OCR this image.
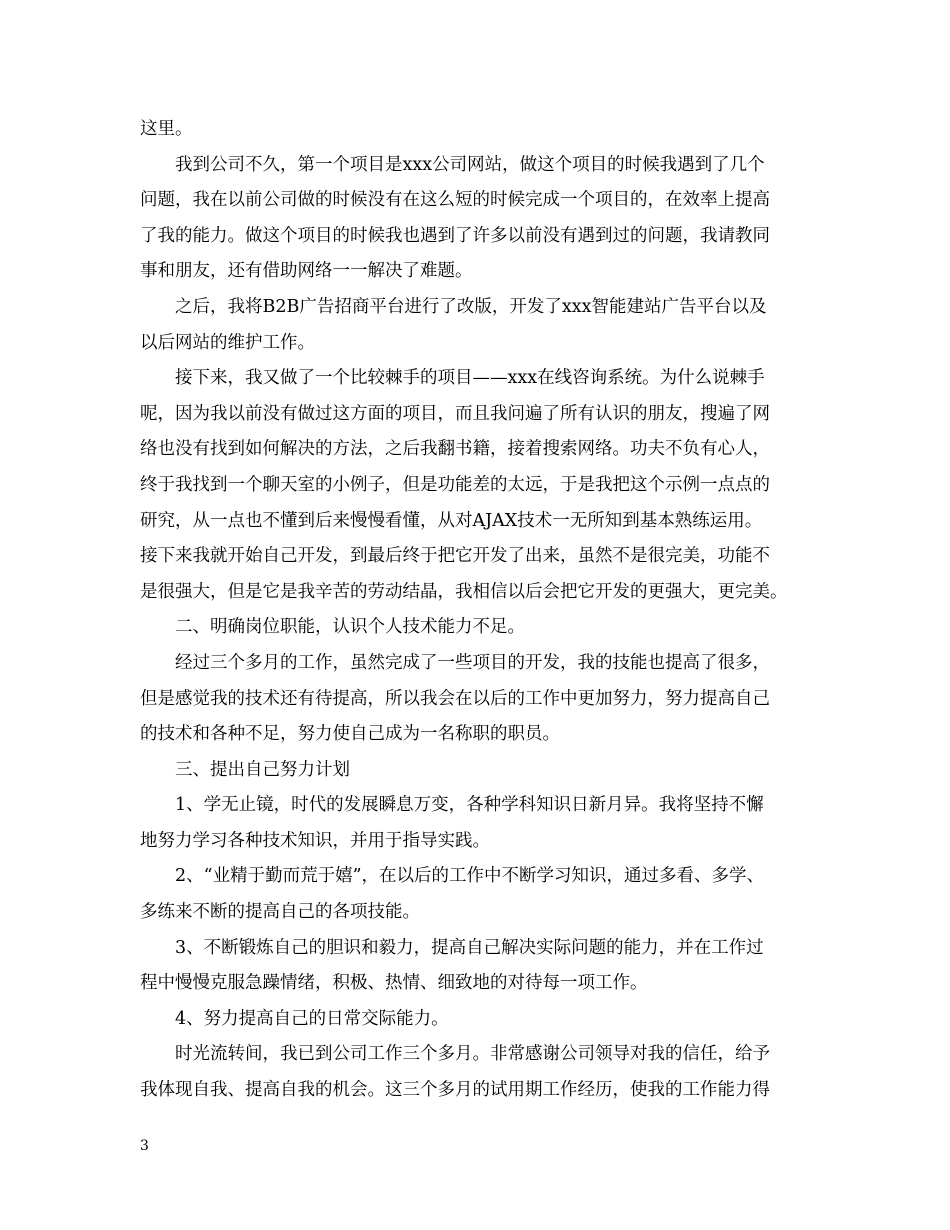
这里。
我到公司不久，第一个项目是xxx公司网站，做这个项目的时候我遇到了几个
问题，我在以前公司做的时候没有在这么短的时候完成一个项目的，在效率上提高
了我的能力。做这个项目的时候我也遇到了许多以前没有遇到过的问题，我请教同
事和朋友，还有借助网络一一解决了难题。
之后，我将B2B广告招商平台进行了改版，开发了xxx智能建站广告平台以及
以后网站的维护工作。
接下来，我又做了一个比较棘手的项目——xxx在线咨询系统。为什么说棘手
呢，因为我以前没有做过这方面的项目，而且我问遍了所有认识的朋友，搜遍了网
络也没有找到如何解决的方法，之后我翻书籍，接着搜索网络。功夫不负有心人，
终于我找到一个聊天室的小例子，但是功能差的太远，于是我把这个示例一点点的
研究，从一点也不懂到后来慢慢看懂，从对AJAX技术一无所知到基本熟练运用。
接下来我就开始自己开发，到最后终于把它开发了出来，虽然不是很完美，功能不
是很强大，但是它是我辛苦的劳动结晶，我相信以后会把它开发的更强大，更完美。
二、明确岗位职能，认识个人技术能力不足。
经过三个多月的工作，虽然完成了一些项目的开发，我的技能也提高了很多，
但是感觉我的技术还有待提高，所以我会在以后的工作中更加努力，努力提高自己
的技术和各种不足，努力使自己成为一名称职的职员。
三、提出自己努力计划
1、学无止镜，时代的发展瞬息万变，各种学科知识日新月异。我将坚持不懈
地努力学习各种技术知识，并用于指导实践。
2、“业精于勤而荒于嬉”，在以后的工作中不断学习知识，通过多看、多学、
多练来不断的提高自己的各项技能。
3、不断锻炼自己的胆识和毅力，提高自己解决实际问题的能力，并在工作过
程中慢慢克服急躁情绪，积极、热情、细致地的对待每一项工作。
4、努力提高自己的日常交际能力。
时光流转间，我已到公司工作三个多月。非常感谢公司领导对我的信任，给予
我体现自我、提高自我的机会。这三个多月的试用期工作经历，使我的工作能力得
3
